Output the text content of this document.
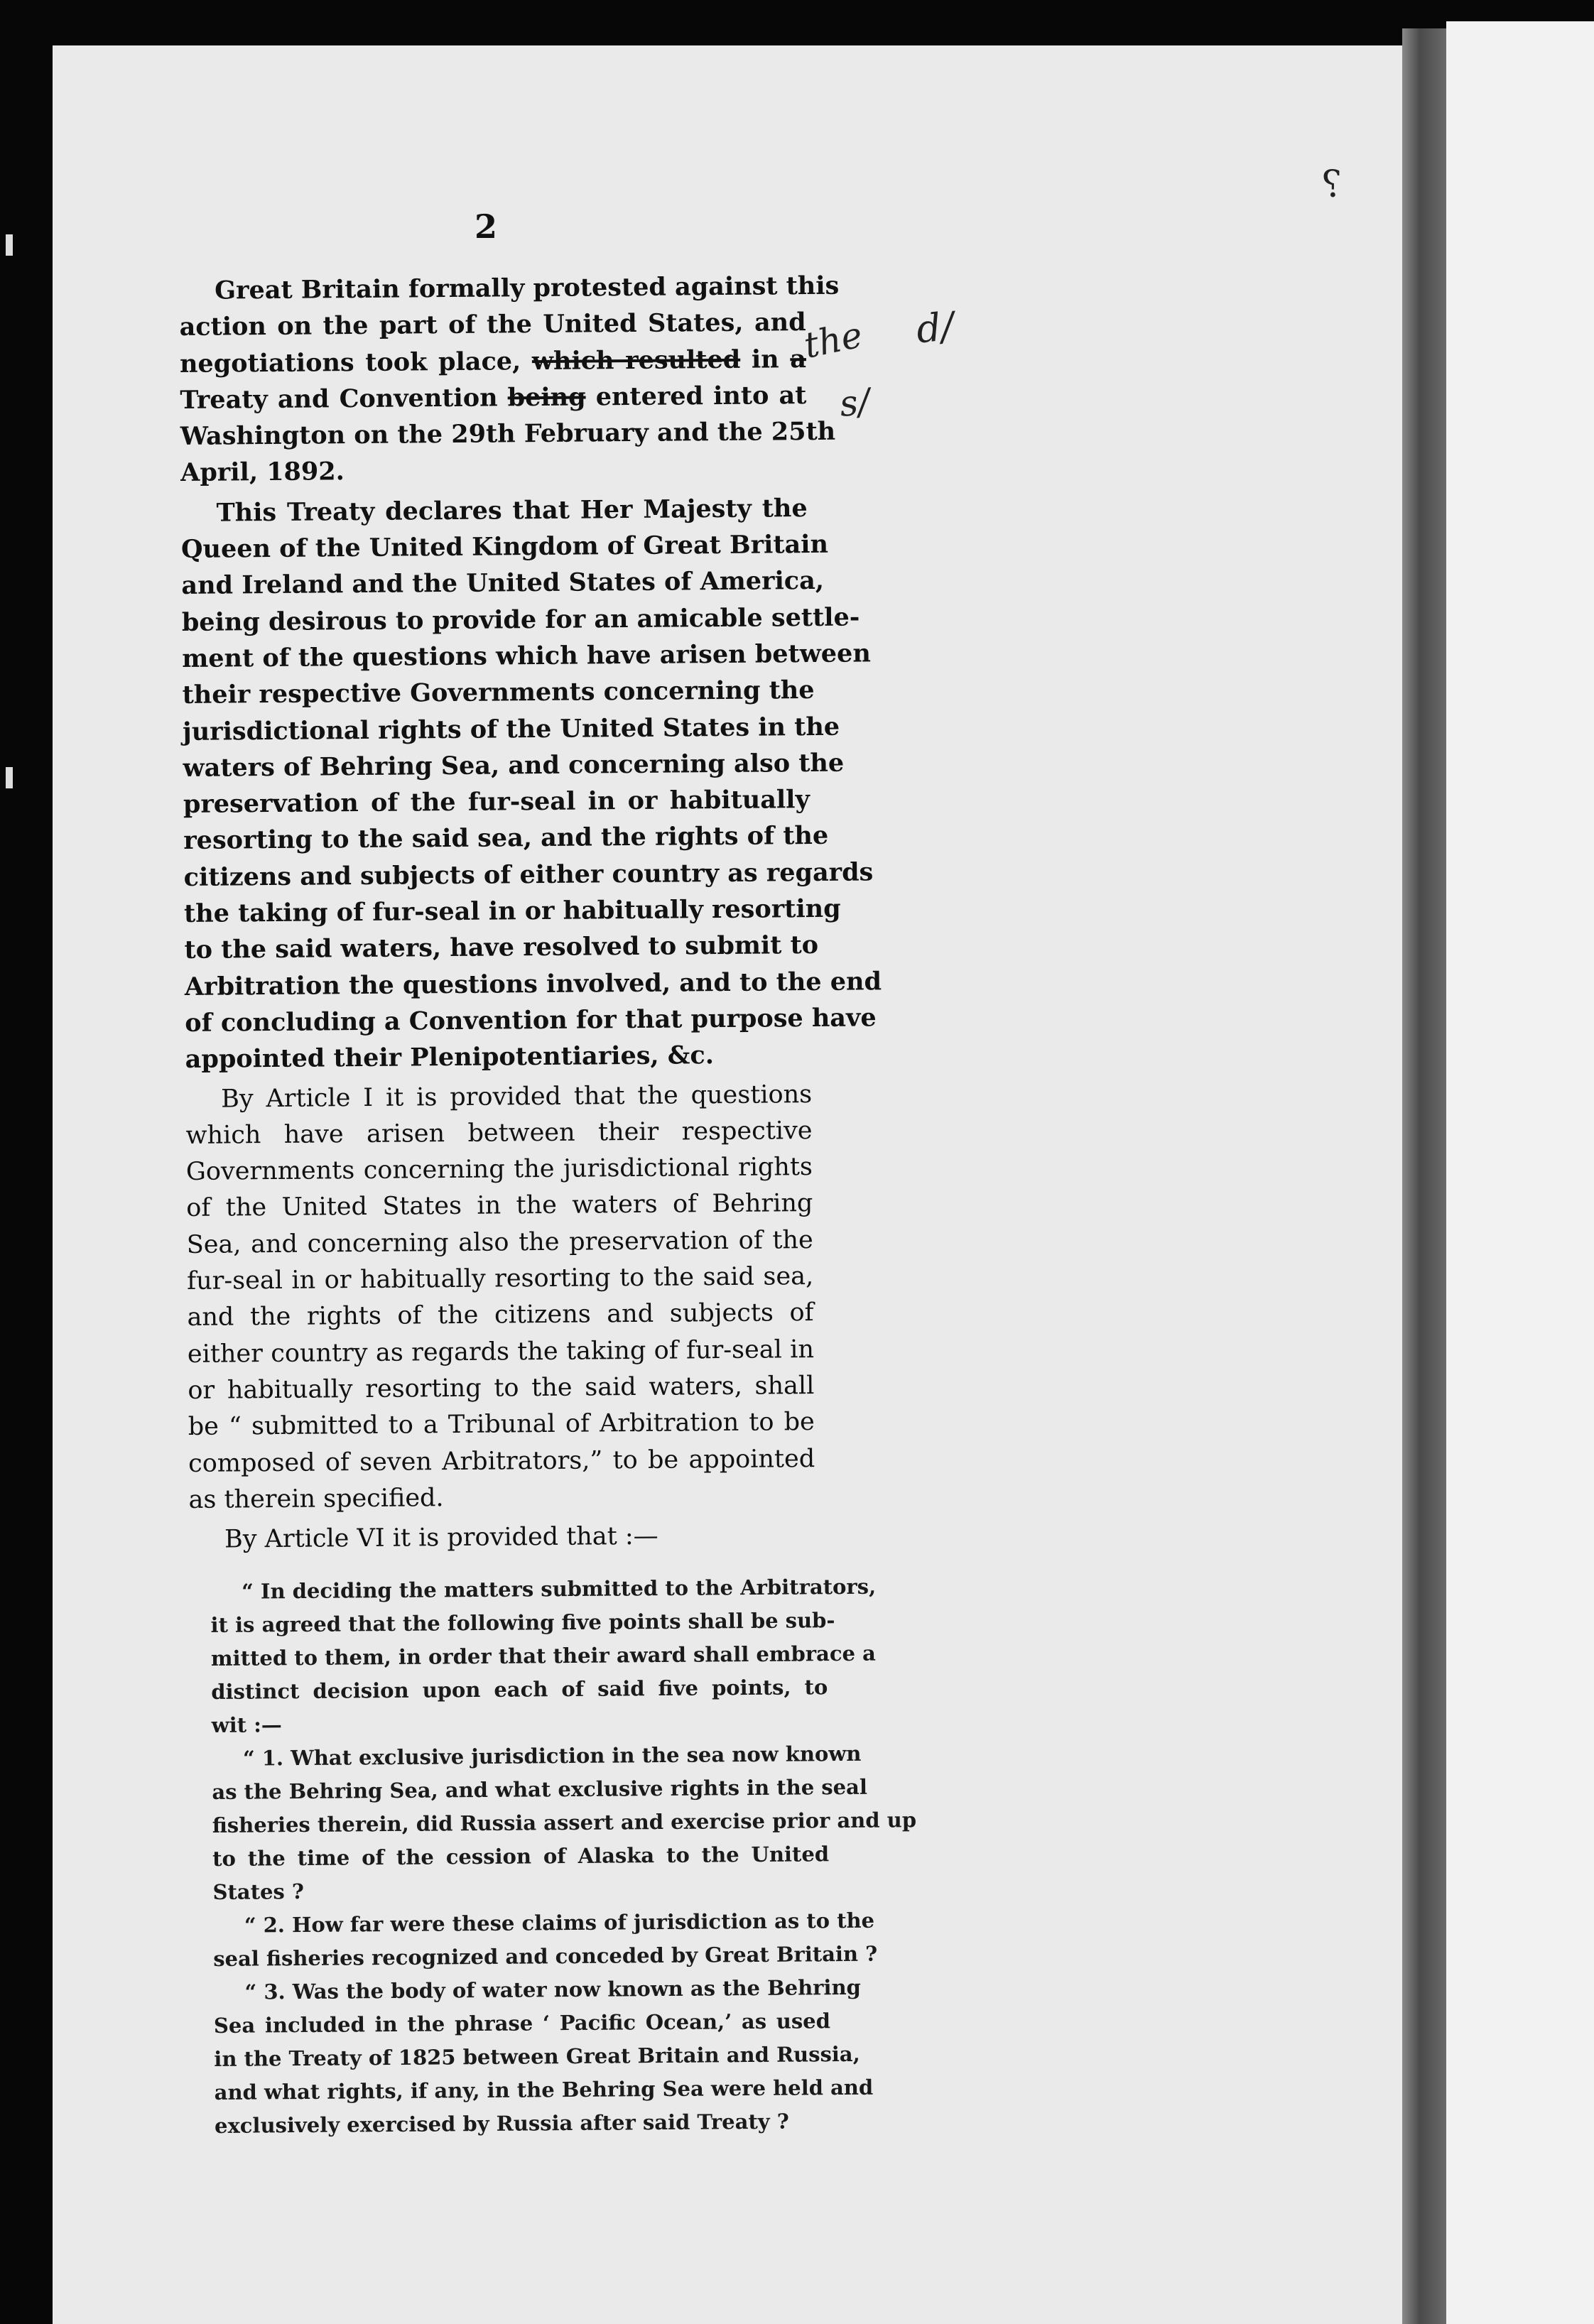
⸮
2

Great Britain formally protested against this
action on the part of the United States, and
negotiations took place, which resulted in a
Treaty and Convention being entered into at
Washington on the 29th February and the 25th
April, 1892.

This Treaty declares that Her Majesty the
Queen of the United Kingdom of Great Britain
and Ireland and the United States of America,
being desirous to provide for an amicable settle-
ment of the questions which have arisen between
their respective Governments concerning the
jurisdictional rights of the United States in the
waters of Behring Sea, and concerning also the
preservation of the fur-seal in or habitually
resorting to the said sea, and the rights of the
citizens and subjects of either country as regards
the taking of fur-seal in or habitually resorting
to the said waters, have resolved to submit to
Arbitration the questions involved, and to the end
of concluding a Convention for that purpose have
appointed their Plenipotentiaries, &c.

By Article I it is provided that the questions
which have arisen between their respective
Governments concerning the jurisdictional rights
of the United States in the waters of Behring
Sea, and concerning also the preservation of the
fur-seal in or habitually resorting to the said sea,
and the rights of the citizens and subjects of
either country as regards the taking of fur-seal in
or habitually resorting to the said waters, shall
be “ submitted to a Tribunal of Arbitration to be
composed of seven Arbitrators,” to be appointed
as therein specified.

By Article VI it is provided that :—

“ In deciding the matters submitted to the Arbitrators,
it is agreed that the following five points shall be sub-
mitted to them, in order that their award shall embrace a
distinct decision upon each of said five points, to
wit :—
“ 1. What exclusive jurisdiction in the sea now known
as the Behring Sea, and what exclusive rights in the seal
fisheries therein, did Russia assert and exercise prior and up
to the time of the cession of Alaska to the United
States ?
“ 2. How far were these claims of jurisdiction as to the
seal fisheries recognized and conceded by Great Britain ?
“ 3. Was the body of water now known as the Behring
Sea included in the phrase ‘ Pacific Ocean,’ as used
in the Treaty of 1825 between Great Britain and Russia,
and what rights, if any, in the Behring Sea were held and
exclusively exercised by Russia after said Treaty ?
the d/
s/
